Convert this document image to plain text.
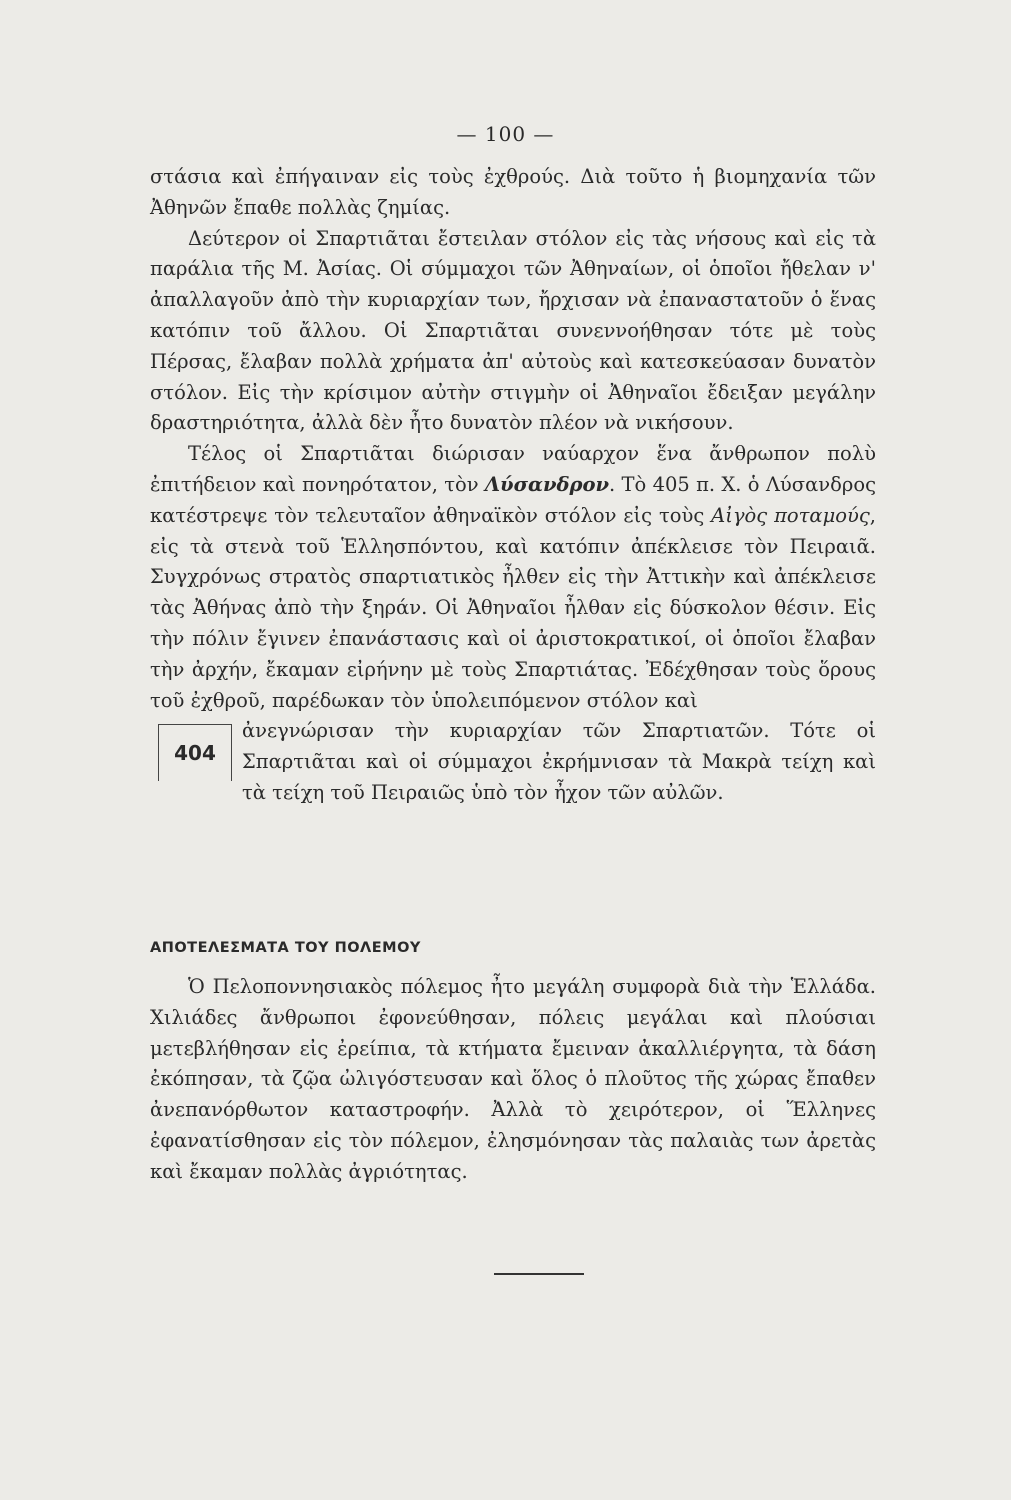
— 100 —

στάσια καὶ ἐπήγαιναν εἰς τοὺς ἐχθρούς. Διὰ τοῦτο ἡ βιομηχανία τῶν Ἀθηνῶν ἔπαθε πολλὰς ζημίας.

Δεύτερον οἱ Σπαρτιᾶται ἔστειλαν στόλον εἰς τὰς νήσους καὶ εἰς τὰ παράλια τῆς Μ. Ἀσίας. Οἱ σύμμαχοι τῶν Ἀθηναίων, οἱ ὁποῖοι ἤθελαν ν' ἀπαλλαγοῦν ἀπὸ τὴν κυριαρχίαν των, ἤρχισαν νὰ ἐπαναστατοῦν ὁ ἕνας κατόπιν τοῦ ἄλλου. Οἱ Σπαρτιᾶται συνεννοήθησαν τότε μὲ τοὺς Πέρσας, ἔλαβαν πολλὰ χρήματα ἀπ' αὐτοὺς καὶ κατεσκεύασαν δυνατὸν στόλον. Εἰς τὴν κρίσιμον αὐτὴν στιγμὴν οἱ Ἀθηναῖοι ἔδειξαν μεγάλην δραστηριότητα, ἀλλὰ δὲν ἦτο δυνατὸν πλέον νὰ νικήσουν.

Τέλος οἱ Σπαρτιᾶται διώρισαν ναύαρχον ἕνα ἄνθρωπον πολὺ ἐπιτήδειον καὶ πονηρότατον, τὸν Λύσανδρον. Τὸ 405 π. Χ. ὁ Λύσανδρος κατέστρεψε τὸν τελευταῖον ἀθηναϊκὸν στόλον εἰς τοὺς Αἰγὸς ποταμούς, εἰς τὰ στενὰ τοῦ Ἑλλησπόντου, καὶ κατόπιν ἀπέκλεισε τὸν Πειραιᾶ. Συγχρόνως στρατὸς σπαρτιατικὸς ἦλθεν εἰς τὴν Ἀττικὴν καὶ ἀπέκλεισε τὰς Ἀθήνας ἀπὸ τὴν ξηράν. Οἱ Ἀθηναῖοι ἦλθαν εἰς δύσκολον θέσιν. Εἰς τὴν πόλιν ἔγινεν ἐπανάστασις καὶ οἱ ἀριστοκρατικοί, οἱ ὁποῖοι ἔλαβαν τὴν ἀρχήν, ἔκαμαν εἰρήνην μὲ τοὺς Σπαρτιάτας. Ἐδέχθησαν τοὺς ὅρους τοῦ ἐχθροῦ, παρέδωκαν τὸν ὑπολειπόμενον στόλον καὶ

404
ἀνεγνώρισαν τὴν κυριαρχίαν τῶν Σπαρτιατῶν. Τότε οἱ Σπαρτιᾶται καὶ οἱ σύμμαχοι ἐκρήμνισαν τὰ Μακρὰ τείχη καὶ τὰ τείχη τοῦ Πειραιῶς ὑπὸ τὸν ἦχον τῶν αὐλῶν.

ΑΠΟΤΕΛΕΣΜΑΤΑ ΤΟΥ ΠΟΛΕΜΟΥ

Ὁ Πελοποννησιακὸς πόλεμος ἦτο μεγάλη συμφορὰ διὰ τὴν Ἑλλάδα. Χιλιάδες ἄνθρωποι ἐφονεύθησαν, πόλεις μεγάλαι καὶ πλούσιαι μετεβλήθησαν εἰς ἐρείπια, τὰ κτήματα ἔμειναν ἀκαλλιέργητα, τὰ δάση ἐκόπησαν, τὰ ζῷα ὠλιγόστευσαν καὶ ὅλος ὁ πλοῦτος τῆς χώρας ἔπαθεν ἀνεπανόρθωτον καταστροφήν. Ἀλλὰ τὸ χειρότερον, οἱ Ἕλληνες ἐφανατίσθησαν εἰς τὸν πόλεμον, ἐλησμόνησαν τὰς παλαιὰς των ἀρετὰς καὶ ἔκαμαν πολλὰς ἀγριότητας.
